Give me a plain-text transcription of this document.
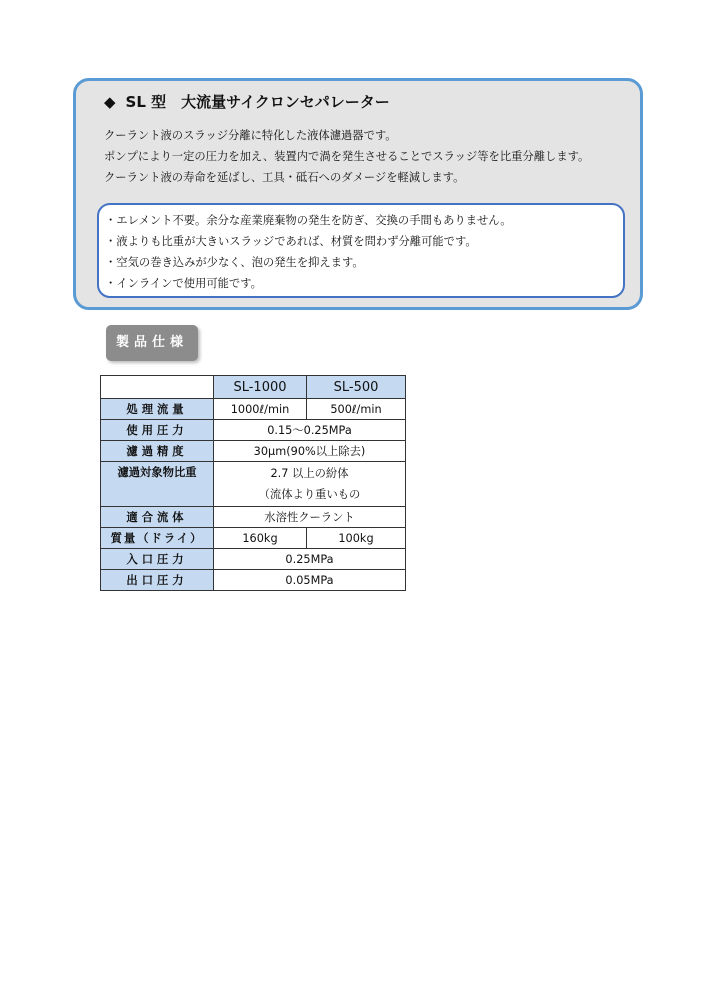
◆ SL 型　大流量サイクロンセパレーター
クーラント液のスラッジ分離に特化した液体濾過器です。
ポンプにより一定の圧力を加え、装置内で渦を発生させることでスラッジ等を比重分離します。
クーラント液の寿命を延ばし、工具・砥石へのダメージを軽減します。
・エレメント不要。余分な産業廃棄物の発生を防ぎ、交換の手間もありません。
・液よりも比重が大きいスラッジであれば、材質を問わず分離可能です。
・空気の巻き込みが少なく、泡の発生を抑えます。
・インラインで使用可能です。
製品仕様
	SL-1000	SL-500
処理流量	1000ℓ/min	500ℓ/min
使用圧力	0.15～0.25MPa	
濾過精度	30μm(90%以上除去)	
濾過対象物比重	2.7 以上の紛体
（流体より重いもの	

適合流体	水溶性クーラント	
質量（ドライ）	160kg	100kg
入口圧力	0.25MPa	
出口圧力	0.05MPa	
